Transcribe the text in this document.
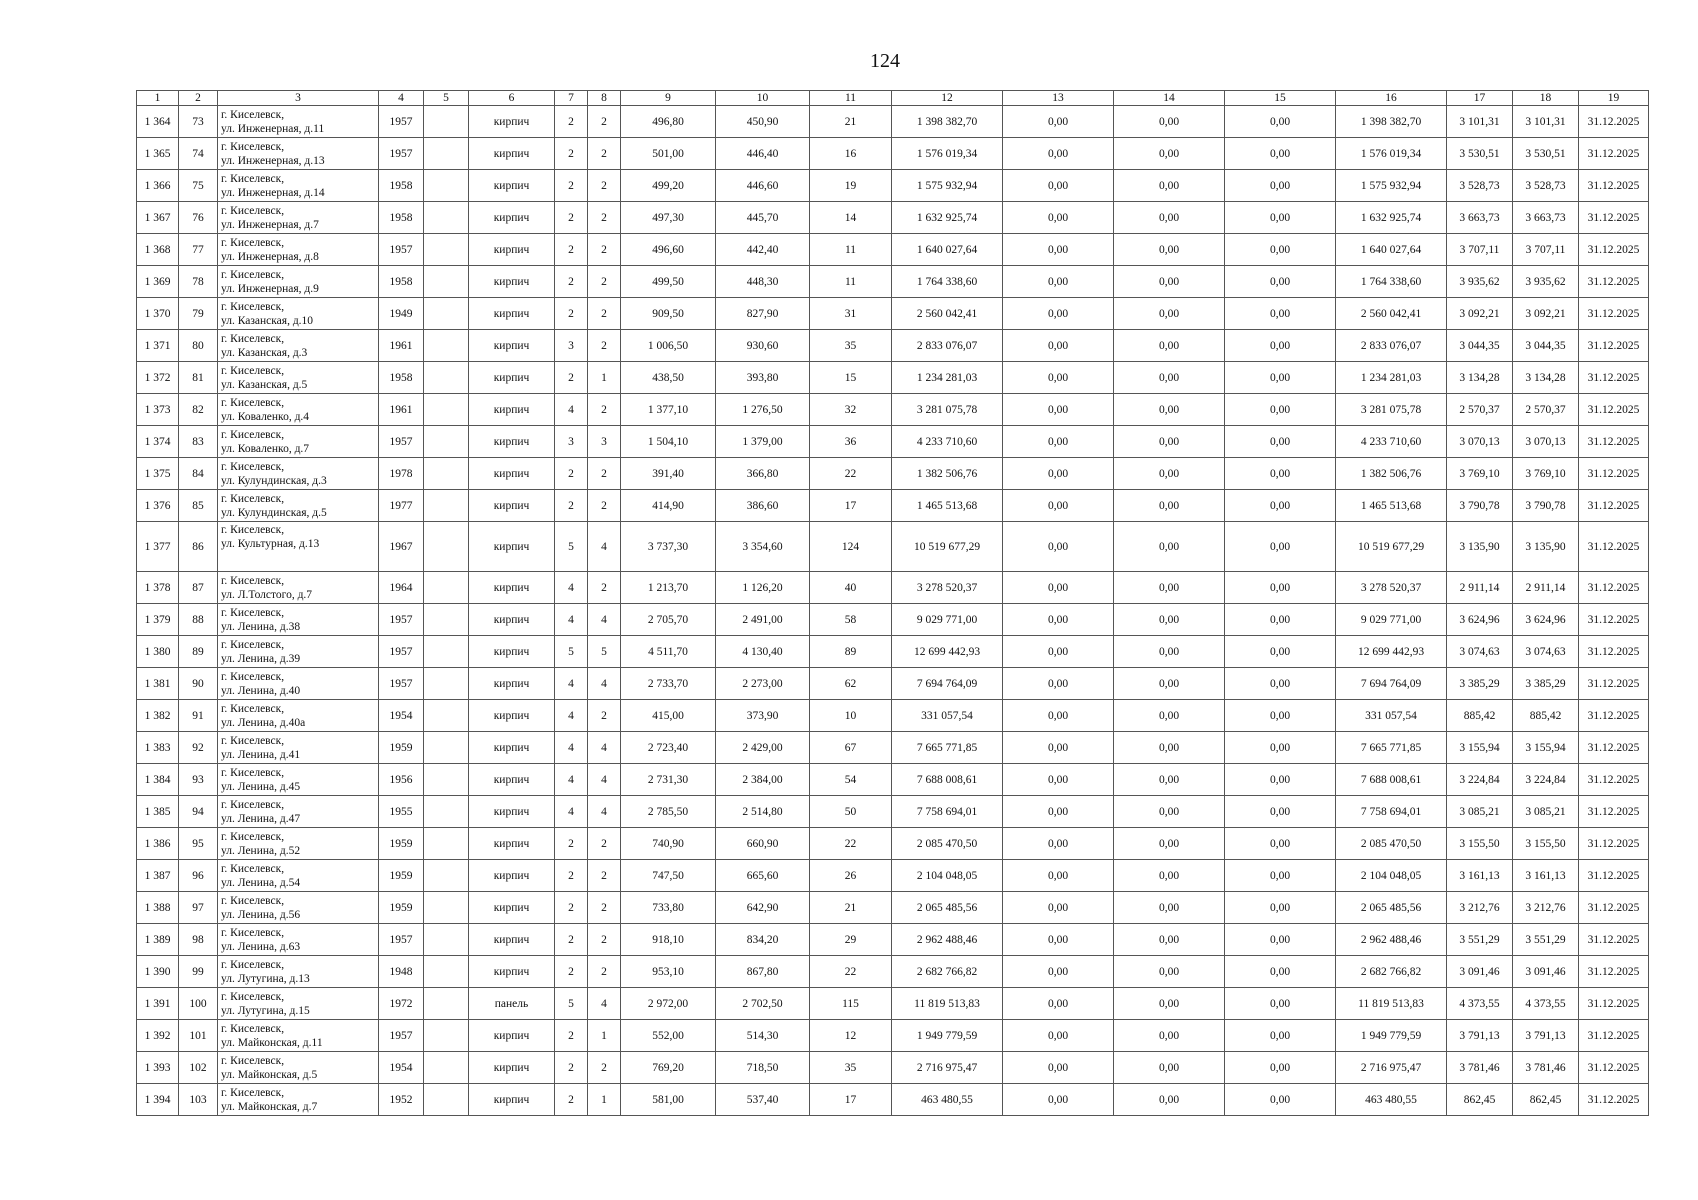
124
1	2	3	4	5	6	7	8	9	10	11	12	13	14	15	16	17	18	19
1 364	73	г. Киселевск,
ул. Инженерная, д.11	1957		кирпич	2	2	496,80	450,90	21	1 398 382,70	0,00	0,00	0,00	1 398 382,70	3 101,31	3 101,31	31.12.2025
1 365	74	г. Киселевск,
ул. Инженерная, д.13	1957		кирпич	2	2	501,00	446,40	16	1 576 019,34	0,00	0,00	0,00	1 576 019,34	3 530,51	3 530,51	31.12.2025
1 366	75	г. Киселевск,
ул. Инженерная, д.14	1958		кирпич	2	2	499,20	446,60	19	1 575 932,94	0,00	0,00	0,00	1 575 932,94	3 528,73	3 528,73	31.12.2025
1 367	76	г. Киселевск,
ул. Инженерная, д.7	1958		кирпич	2	2	497,30	445,70	14	1 632 925,74	0,00	0,00	0,00	1 632 925,74	3 663,73	3 663,73	31.12.2025
1 368	77	г. Киселевск,
ул. Инженерная, д.8	1957		кирпич	2	2	496,60	442,40	11	1 640 027,64	0,00	0,00	0,00	1 640 027,64	3 707,11	3 707,11	31.12.2025
1 369	78	г. Киселевск,
ул. Инженерная, д.9	1958		кирпич	2	2	499,50	448,30	11	1 764 338,60	0,00	0,00	0,00	1 764 338,60	3 935,62	3 935,62	31.12.2025
1 370	79	г. Киселевск,
ул. Казанская, д.10	1949		кирпич	2	2	909,50	827,90	31	2 560 042,41	0,00	0,00	0,00	2 560 042,41	3 092,21	3 092,21	31.12.2025
1 371	80	г. Киселевск,
ул. Казанская, д.3	1961		кирпич	3	2	1 006,50	930,60	35	2 833 076,07	0,00	0,00	0,00	2 833 076,07	3 044,35	3 044,35	31.12.2025
1 372	81	г. Киселевск,
ул. Казанская, д.5	1958		кирпич	2	1	438,50	393,80	15	1 234 281,03	0,00	0,00	0,00	1 234 281,03	3 134,28	3 134,28	31.12.2025
1 373	82	г. Киселевск,
ул. Коваленко, д.4	1961		кирпич	4	2	1 377,10	1 276,50	32	3 281 075,78	0,00	0,00	0,00	3 281 075,78	2 570,37	2 570,37	31.12.2025
1 374	83	г. Киселевск,
ул. Коваленко, д.7	1957		кирпич	3	3	1 504,10	1 379,00	36	4 233 710,60	0,00	0,00	0,00	4 233 710,60	3 070,13	3 070,13	31.12.2025
1 375	84	г. Киселевск,
ул. Кулундинская, д.3	1978		кирпич	2	2	391,40	366,80	22	1 382 506,76	0,00	0,00	0,00	1 382 506,76	3 769,10	3 769,10	31.12.2025
1 376	85	г. Киселевск,
ул. Кулундинская, д.5	1977		кирпич	2	2	414,90	386,60	17	1 465 513,68	0,00	0,00	0,00	1 465 513,68	3 790,78	3 790,78	31.12.2025
1 377	86	г. Киселевск,
ул. Культурная, д.13	1967		кирпич	5	4	3 737,30	3 354,60	124	10 519 677,29	0,00	0,00	0,00	10 519 677,29	3 135,90	3 135,90	31.12.2025
1 378	87	г. Киселевск,
ул. Л.Толстого, д.7	1964		кирпич	4	2	1 213,70	1 126,20	40	3 278 520,37	0,00	0,00	0,00	3 278 520,37	2 911,14	2 911,14	31.12.2025
1 379	88	г. Киселевск,
ул. Ленина, д.38	1957		кирпич	4	4	2 705,70	2 491,00	58	9 029 771,00	0,00	0,00	0,00	9 029 771,00	3 624,96	3 624,96	31.12.2025
1 380	89	г. Киселевск,
ул. Ленина, д.39	1957		кирпич	5	5	4 511,70	4 130,40	89	12 699 442,93	0,00	0,00	0,00	12 699 442,93	3 074,63	3 074,63	31.12.2025
1 381	90	г. Киселевск,
ул. Ленина, д.40	1957		кирпич	4	4	2 733,70	2 273,00	62	7 694 764,09	0,00	0,00	0,00	7 694 764,09	3 385,29	3 385,29	31.12.2025
1 382	91	г. Киселевск,
ул. Ленина, д.40а	1954		кирпич	4	2	415,00	373,90	10	331 057,54	0,00	0,00	0,00	331 057,54	885,42	885,42	31.12.2025
1 383	92	г. Киселевск,
ул. Ленина, д.41	1959		кирпич	4	4	2 723,40	2 429,00	67	7 665 771,85	0,00	0,00	0,00	7 665 771,85	3 155,94	3 155,94	31.12.2025
1 384	93	г. Киселевск,
ул. Ленина, д.45	1956		кирпич	4	4	2 731,30	2 384,00	54	7 688 008,61	0,00	0,00	0,00	7 688 008,61	3 224,84	3 224,84	31.12.2025
1 385	94	г. Киселевск,
ул. Ленина, д.47	1955		кирпич	4	4	2 785,50	2 514,80	50	7 758 694,01	0,00	0,00	0,00	7 758 694,01	3 085,21	3 085,21	31.12.2025
1 386	95	г. Киселевск,
ул. Ленина, д.52	1959		кирпич	2	2	740,90	660,90	22	2 085 470,50	0,00	0,00	0,00	2 085 470,50	3 155,50	3 155,50	31.12.2025
1 387	96	г. Киселевск,
ул. Ленина, д.54	1959		кирпич	2	2	747,50	665,60	26	2 104 048,05	0,00	0,00	0,00	2 104 048,05	3 161,13	3 161,13	31.12.2025
1 388	97	г. Киселевск,
ул. Ленина, д.56	1959		кирпич	2	2	733,80	642,90	21	2 065 485,56	0,00	0,00	0,00	2 065 485,56	3 212,76	3 212,76	31.12.2025
1 389	98	г. Киселевск,
ул. Ленина, д.63	1957		кирпич	2	2	918,10	834,20	29	2 962 488,46	0,00	0,00	0,00	2 962 488,46	3 551,29	3 551,29	31.12.2025
1 390	99	г. Киселевск,
ул. Лутугина, д.13	1948		кирпич	2	2	953,10	867,80	22	2 682 766,82	0,00	0,00	0,00	2 682 766,82	3 091,46	3 091,46	31.12.2025
1 391	100	г. Киселевск,
ул. Лутугина, д.15	1972		панель	5	4	2 972,00	2 702,50	115	11 819 513,83	0,00	0,00	0,00	11 819 513,83	4 373,55	4 373,55	31.12.2025
1 392	101	г. Киселевск,
ул. Майконская, д.11	1957		кирпич	2	1	552,00	514,30	12	1 949 779,59	0,00	0,00	0,00	1 949 779,59	3 791,13	3 791,13	31.12.2025
1 393	102	г. Киселевск,
ул. Майконская, д.5	1954		кирпич	2	2	769,20	718,50	35	2 716 975,47	0,00	0,00	0,00	2 716 975,47	3 781,46	3 781,46	31.12.2025
1 394	103	г. Киселевск,
ул. Майконская, д.7	1952		кирпич	2	1	581,00	537,40	17	463 480,55	0,00	0,00	0,00	463 480,55	862,45	862,45	31.12.2025
